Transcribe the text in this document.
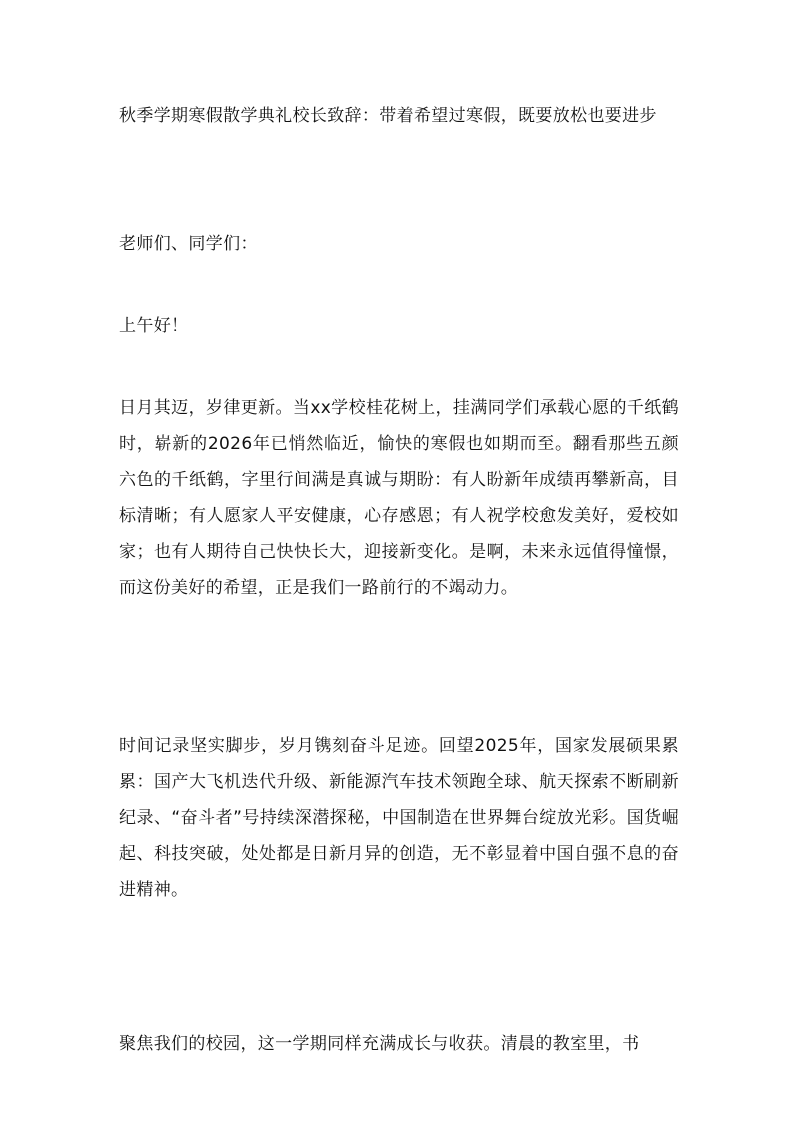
秋季学期寒假散学典礼校长致辞：带着希望过寒假，既要放松也要进步
老师们、同学们：
上午好！
日月其迈，岁律更新。当xx学校桂花树上，挂满同学们承载心愿的千纸鹤时，崭新的2026年已悄然临近，愉快的寒假也如期而至。翻看那些五颜六色的千纸鹤，字里行间满是真诚与期盼：有人盼新年成绩再攀新高，目标清晰；有人愿家人平安健康，心存感恩；有人祝学校愈发美好，爱校如家；也有人期待自己快快长大，迎接新变化。是啊，未来永远值得憧憬，而这份美好的希望，正是我们一路前行的不竭动力。
时间记录坚实脚步，岁月镌刻奋斗足迹。回望2025年，国家发展硕果累累：国产大飞机迭代升级、新能源汽车技术领跑全球、航天探索不断刷新纪录、“奋斗者”号持续深潜探秘，中国制造在世界舞台绽放光彩。国货崛起、科技突破，处处都是日新月异的创造，无不彰显着中国自强不息的奋进精神。
聚焦我们的校园，这一学期同样充满成长与收获。清晨的教室里，书
